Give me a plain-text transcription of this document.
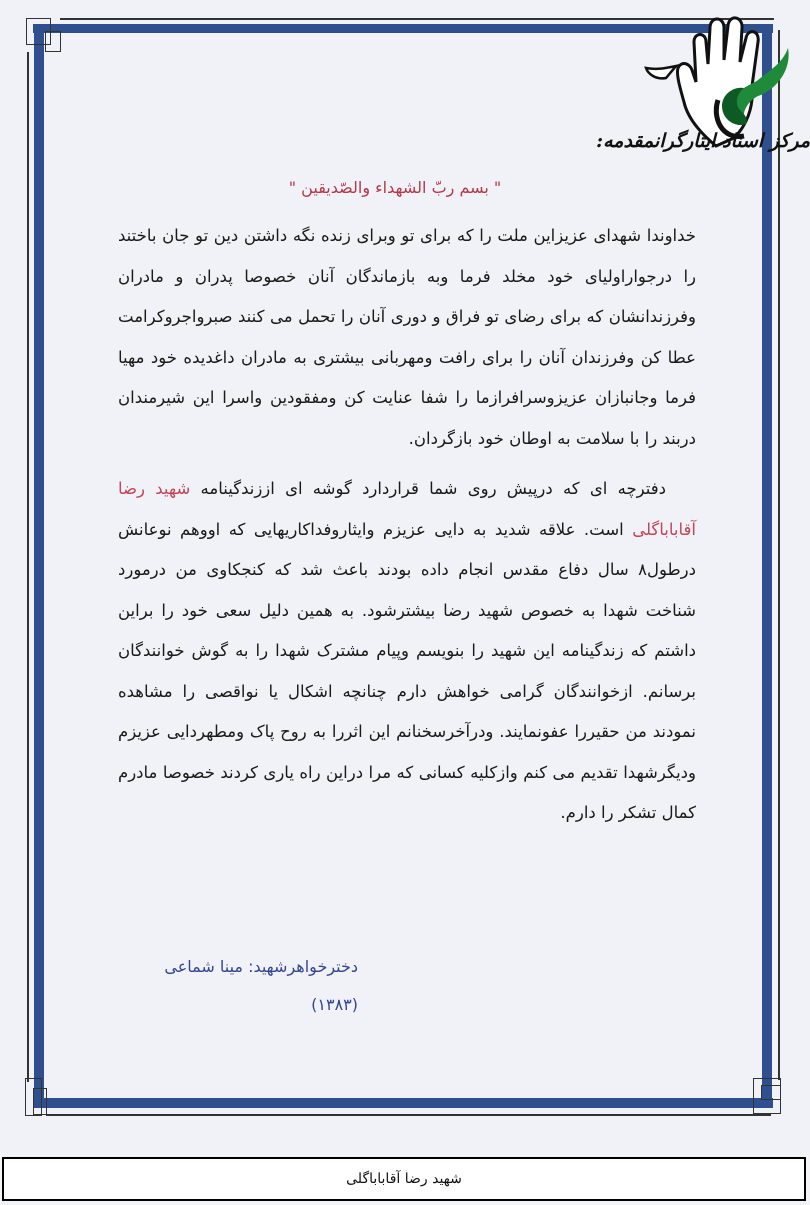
مرکز اسناد ایثارگرانمقدمه:
" بسم ربّ الشهداء والصّدیقین "

خداوندا شهدای عزیزاین ملت را که برای تو وبرای زنده نگه داشتن دین تو جان باختند را درجواراولیای خود مخلد فرما وبه بازماندگان آنان خصوصا پدران و مادران وفرزندانشان که برای رضای تو فراق و دوری آنان را تحمل می کنند صبرواجروکرامت عطا کن وفرزندان آنان را برای رافت ومهربانی بیشتری به مادران داغدیده خود مهیا فرما وجانبازان عزیزوسرافرازما را شفا عنایت کن ومفقودین واسرا این شیرمندان دربند را با سلامت به اوطان خود بازگردان.

دفترچه ای که درپیش روی شما قراردارد گوشه ای اززندگینامه شهید رضا آقاباباگلی است. علاقه شدید به دایی عزیزم وایثاروفداکاریهایی که اووهم نوعانش درطول۸ سال دفاع مقدس انجام داده بودند باعث شد که کنجکاوی من درمورد شناخت شهدا به خصوص شهید رضا بیشترشود. به همین دلیل سعی خود را براین داشتم که زندگینامه این شهید را بنویسم وپیام مشترک شهدا را به گوش خوانندگان برسانم. ازخوانندگان گرامی خواهش دارم چنانچه اشکال یا نواقصی را مشاهده نمودند من حقیررا عفونمایند. ودرآخرسخنانم این اثررا به روح پاک ومطهردایی عزیزم ودیگرشهدا تقدیم می کنم وازکلیه کسانی که مرا دراین راه یاری کردند خصوصا مادرم کمال تشکر را دارم.

دخترخواهرشهید: مینا شماعی
(۱۳۸۳)
شهید رضا آقاباباگلی
